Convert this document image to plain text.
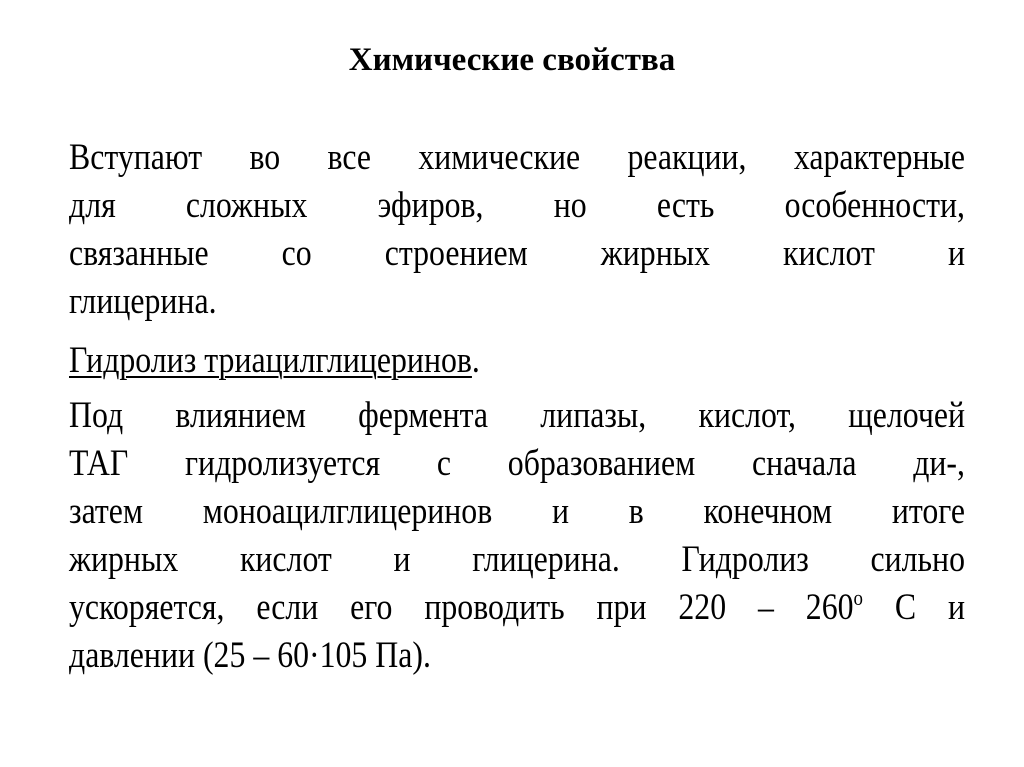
Химические свойства
Вступают во все химические реакции, характерные
для сложных эфиров, но есть особенности,
связанные со строением жирных кислот и
глицерина.
Гидролиз триацилглицеринов.
Под влиянием фермента липазы, кислот, щелочей
ТАГ гидролизуется с образованием сначала ди-,
затем моноацилглицеринов и в конечном итоге
жирных кислот и глицерина. Гидролиз сильно
ускоряется, если его проводить при $220 - 260^о$ С и
давлении (25 – 60·105 Па).
